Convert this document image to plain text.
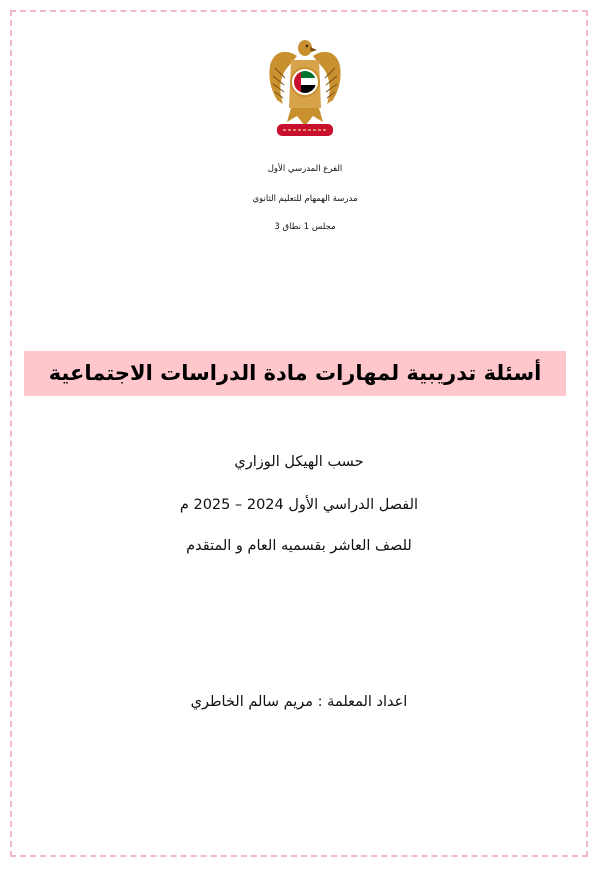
الفرع المدرسي الأول
مدرسة الهمهام للتعليم الثانوي
مجلس 1 نطاق 3
أسئلة تدريبية لمهارات مادة الدراسات الاجتماعية
حسب الهيكل الوزاري
الفصل الدراسي الأول 2024 – 2025 م
للصف العاشر بقسميه العام و المتقدم
اعداد المعلمة : مريم سالم الخاطري
